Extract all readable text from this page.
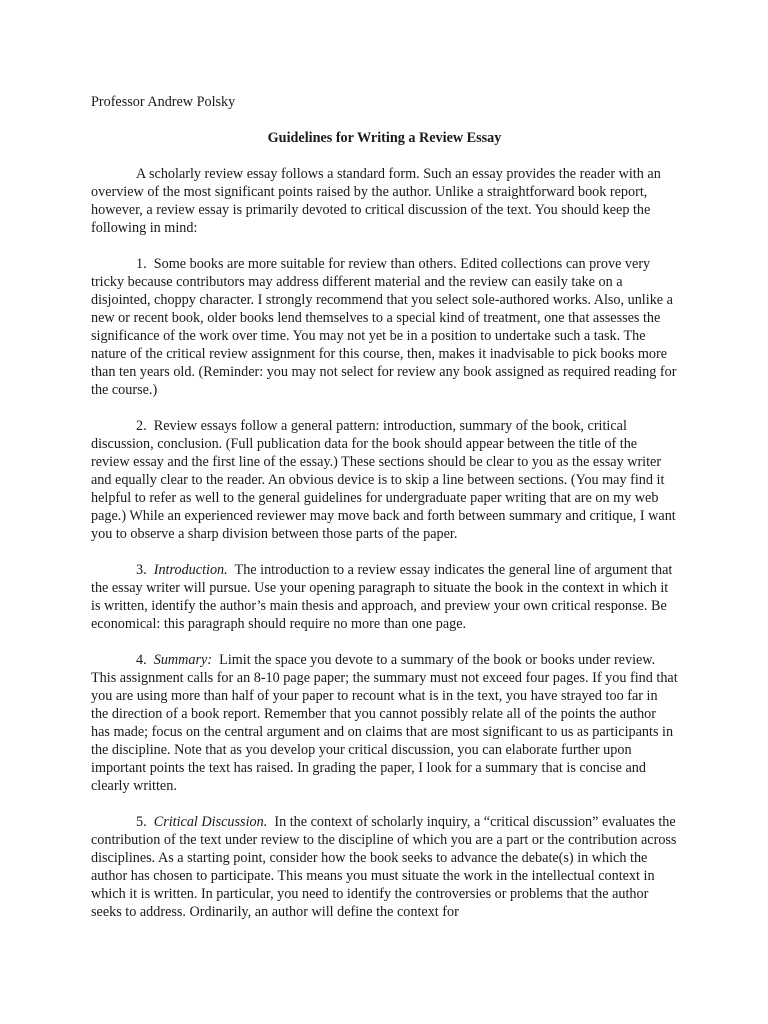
Professor Andrew Polsky

Guidelines for Writing a Review Essay

A scholarly review essay follows a standard form. Such an essay provides the reader with an overview of the most significant points raised by the author. Unlike a straightforward book report, however, a review essay is primarily devoted to critical discussion of the text. You should keep the following in mind:

1. Some books are more suitable for review than others. Edited collections can prove very tricky because contributors may address different material and the review can easily take on a disjointed, choppy character. I strongly recommend that you select sole-authored works. Also, unlike a new or recent book, older books lend themselves to a special kind of treatment, one that assesses the significance of the work over time. You may not yet be in a position to undertake such a task. The nature of the critical review assignment for this course, then, makes it inadvisable to pick books more than ten years old. (Reminder: you may not select for review any book assigned as required reading for the course.)

2. Review essays follow a general pattern: introduction, summary of the book, critical discussion, conclusion. (Full publication data for the book should appear between the title of the review essay and the first line of the essay.) These sections should be clear to you as the essay writer and equally clear to the reader. An obvious device is to skip a line between sections. (You may find it helpful to refer as well to the general guidelines for undergraduate paper writing that are on my web page.) While an experienced reviewer may move back and forth between summary and critique, I want you to observe a sharp division between those parts of the paper.

3. Introduction. The introduction to a review essay indicates the general line of argument that the essay writer will pursue. Use your opening paragraph to situate the book in the context in which it is written, identify the author’s main thesis and approach, and preview your own critical response. Be economical: this paragraph should require no more than one page.

4. Summary: Limit the space you devote to a summary of the book or books under review. This assignment calls for an 8-10 page paper; the summary must not exceed four pages. If you find that you are using more than half of your paper to recount what is in the text, you have strayed too far in the direction of a book report. Remember that you cannot possibly relate all of the points the author has made; focus on the central argument and on claims that are most significant to us as participants in the discipline. Note that as you develop your critical discussion, you can elaborate further upon important points the text has raised. In grading the paper, I look for a summary that is concise and clearly written.

5. Critical Discussion. In the context of scholarly inquiry, a “critical discussion” evaluates the contribution of the text under review to the discipline of which you are a part or the contribution across disciplines. As a starting point, consider how the book seeks to advance the debate(s) in which the author has chosen to participate. This means you must situate the work in the intellectual context in which it is written. In particular, you need to identify the controversies or problems that the author seeks to address. Ordinarily, an author will define the context for
